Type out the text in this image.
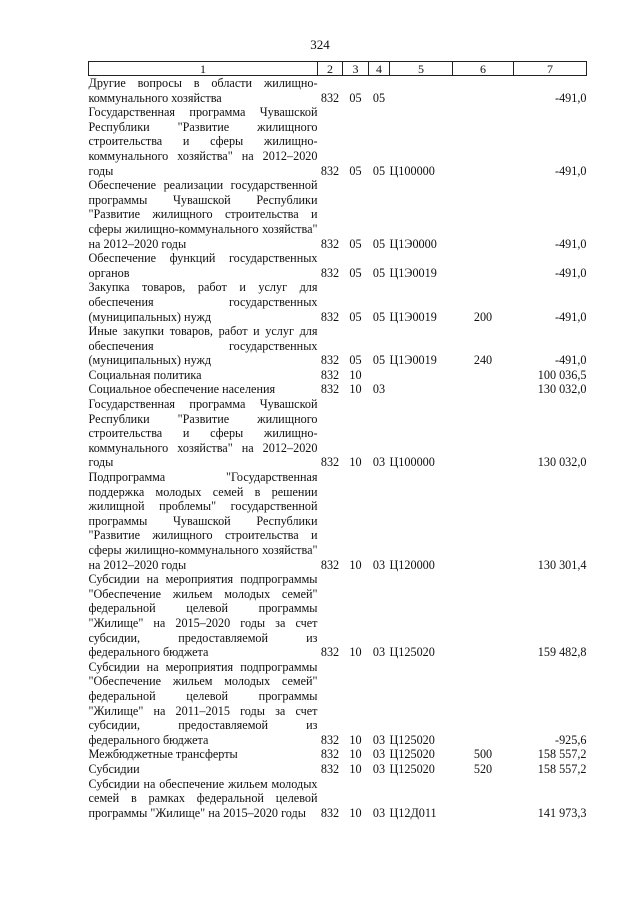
324
1	2	3	4	5	6	7
Другие вопросы в области жилищно-коммунального хозяйства	832	05	05			-491,0
Государственная программа Чувашской Республики "Развитие жилищного строительства и сферы жилищно-коммунального хозяйства" на 2012–2020 годы	832	05	05	Ц100000		-491,0
Обеспечение реализации государственной программы Чувашской Республики "Развитие жилищного строительства и сферы жилищно-коммунального хозяйства" на 2012–2020 годы	832	05	05	Ц1Э0000		-491,0
Обеспечение функций государственных органов	832	05	05	Ц1Э0019		-491,0
Закупка товаров, работ и услуг для обеспечения государственных (муниципальных) нужд	832	05	05	Ц1Э0019	200	-491,0
Иные закупки товаров, работ и услуг для обеспечения государственных (муниципальных) нужд	832	05	05	Ц1Э0019	240	-491,0
Социальная политика	832	10				100 036,5
Социальное обеспечение населения	832	10	03			130 032,0
Государственная программа Чувашской Республики "Развитие жилищного строительства и сферы жилищно-коммунального хозяйства" на 2012–2020 годы	832	10	03	Ц100000		130 032,0
Подпрограмма "Государственная поддержка молодых семей в решении жилищной проблемы" государственной программы Чувашской Республики "Развитие жилищного строительства и сферы жилищно-коммунального хозяйства" на 2012–2020 годы	832	10	03	Ц120000		130 301,4
Субсидии на мероприятия подпрограммы "Обеспечение жильем молодых семей" федеральной целевой программы "Жилище" на 2015–2020 годы за счет субсидии, предоставляемой из федерального бюджета	832	10	03	Ц125020		159 482,8
Субсидии на мероприятия подпрограммы "Обеспечение жильем молодых семей" федеральной целевой программы "Жилище" на 2011–2015 годы за счет субсидии, предоставляемой из федерального бюджета	832	10	03	Ц125020		-925,6
Межбюджетные трансферты	832	10	03	Ц125020	500	158 557,2
Субсидии	832	10	03	Ц125020	520	158 557,2
Субсидии на обеспечение жильем молодых семей в рамках федеральной целевой программы "Жилище" на 2015–2020 годы	832	10	03	Ц12Д011		141 973,3
